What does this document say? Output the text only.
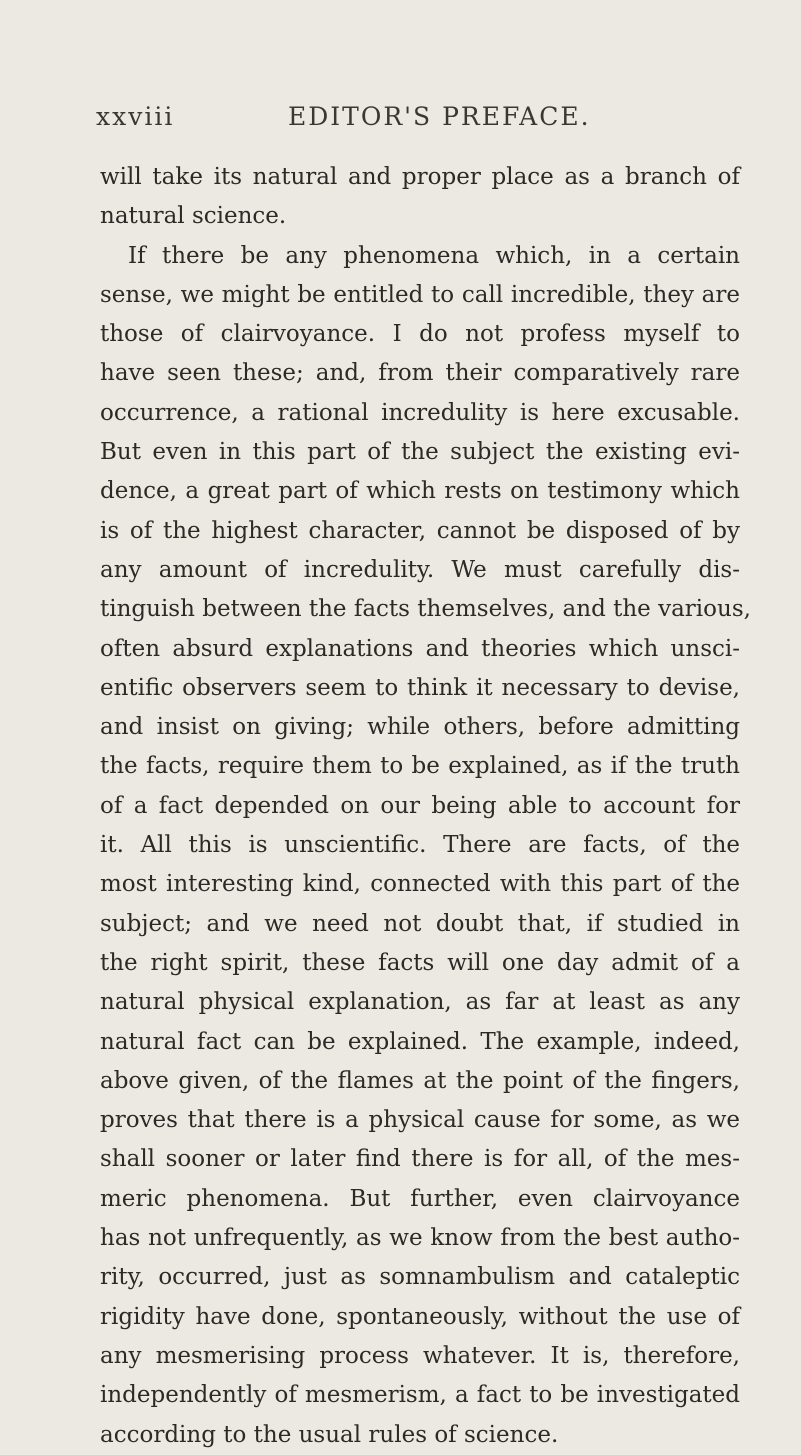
xxviii	EDITOR'S PREFACE.
will take its natural and proper place as a branch of
natural science.
If there be any phenomena which, in a certain
sense, we might be entitled to call incredible, they are
those of clairvoyance. I do not profess myself to
have seen these; and, from their comparatively rare
occurrence, a rational incredulity is here excusable.
But even in this part of the subject the existing evi-
dence, a great part of which rests on testimony which
is of the highest character, cannot be disposed of by
any amount of incredulity. We must carefully dis-
tinguish between the facts themselves, and the various,
often absurd explanations and theories which unsci-
entific observers seem to think it necessary to devise,
and insist on giving; while others, before admitting
the facts, require them to be explained, as if the truth
of a fact depended on our being able to account for
it. All this is unscientific. There are facts, of the
most interesting kind, connected with this part of the
subject; and we need not doubt that, if studied in
the right spirit, these facts will one day admit of a
natural physical explanation, as far at least as any
natural fact can be explained. The example, indeed,
above given, of the flames at the point of the fingers,
proves that there is a physical cause for some, as we
shall sooner or later find there is for all, of the mes-
meric phenomena. But further, even clairvoyance
has not unfrequently, as we know from the best autho-
rity, occurred, just as somnambulism and cataleptic
rigidity have done, spontaneously, without the use of
any mesmerising process whatever. It is, therefore,
independently of mesmerism, a fact to be investigated
according to the usual rules of science.
